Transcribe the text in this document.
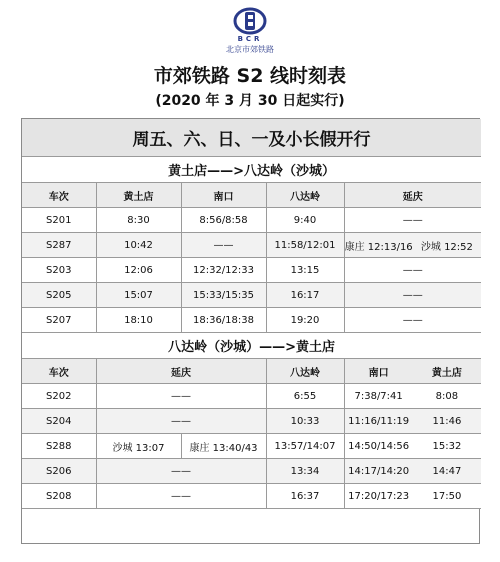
BCR
北京市郊铁路
市郊铁路 S2 线时刻表
(2020 年 3 月 30 日起实行)
周五、六、日、一及小长假开行				
黄土店——>八达岭（沙城）				
车次	黄土店	南口	八达岭	延庆
S201	8:30	8:56/8:58	9:40	——
S287	10:42	——	11:58/12:01	康庄 12:13/16 沙城 12:52

S203	12:06	12:32/12:33	13:15	——
S205	15:07	15:33/15:35	16:17	——
S207	18:10	18:36/18:38	19:20	——
八达岭（沙城）——>黄土店				
车次	延庆		八达岭	南口 黄土店

S202	——		6:55	7:38/7:41 8:08

S204	——		10:33	11:16/11:19 11:46

S288	沙城 13:07	康庄 13:40/43	13:57/14:07	14:50/14:56 15:32

S206	——		13:34	14:17/14:20 14:47

S208	——		16:37	17:20/17:23 17:50
